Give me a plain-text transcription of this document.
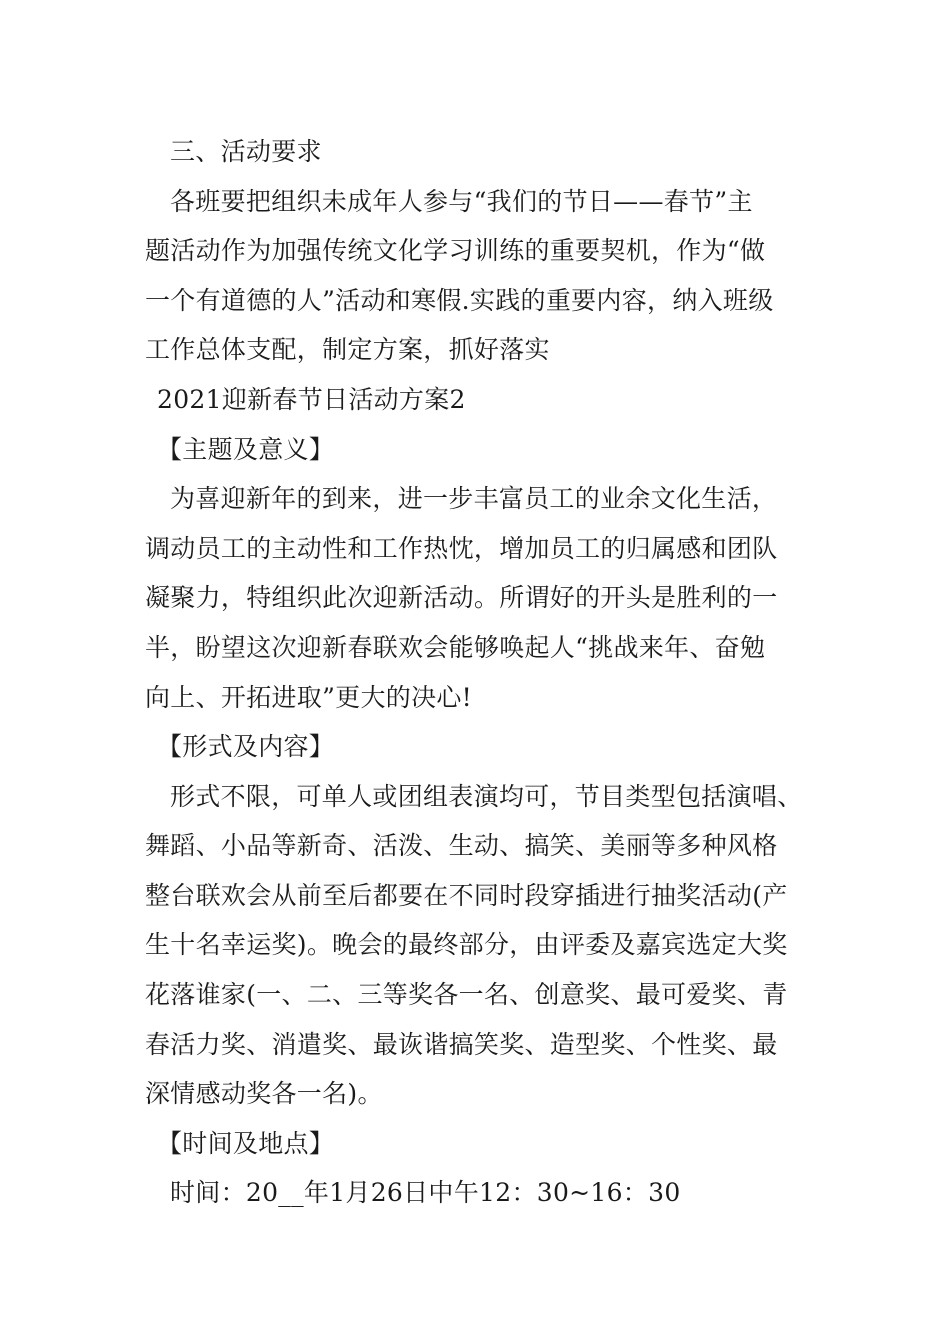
三、活动要求
各班要把组织未成年人参与“我们的节日——春节”主
题活动作为加强传统文化学习训练的重要契机，作为“做
一个有道德的人”活动和寒假.实践的重要内容，纳入班级
工作总体支配，制定方案，抓好落实
2021迎新春节日活动方案2
【主题及意义】
为喜迎新年的到来，进一步丰富员工的业余文化生活，
调动员工的主动性和工作热忱，增加员工的归属感和团队
凝聚力，特组织此次迎新活动。所谓好的开头是胜利的一
半，盼望这次迎新春联欢会能够唤起人“挑战来年、奋勉
向上、开拓进取”更大的决心!
【形式及内容】
形式不限，可单人或团组表演均可，节目类型包括演唱、
舞蹈、小品等新奇、活泼、生动、搞笑、美丽等多种风格
整台联欢会从前至后都要在不同时段穿插进行抽奖活动(产
生十名幸运奖)。晚会的最终部分，由评委及嘉宾选定大奖
花落谁家(一、二、三等奖各一名、创意奖、最可爱奖、青
春活力奖、消遣奖、最诙谐搞笑奖、造型奖、个性奖、最
深情感动奖各一名)。
【时间及地点】
时间：20__年1月26日中午12：30~16：30
